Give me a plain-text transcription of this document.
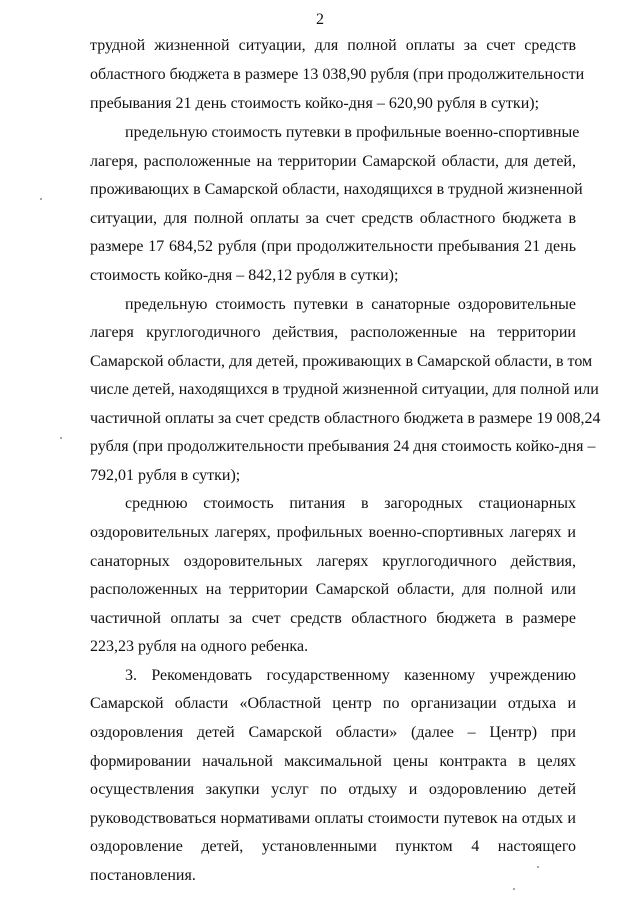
2
трудной жизненной ситуации, для полной оплаты за счет средств
областного бюджета в размере 13 038,90 рубля (при продолжительности
пребывания 21 день стоимость койко-дня – 620,90 рубля в сутки);
предельную стоимость путевки в профильные военно-спортивные
лагеря, расположенные на территории Самарской области, для детей,
проживающих в Самарской области, находящихся в трудной жизненной
ситуации, для полной оплаты за счет средств областного бюджета в
размере 17 684,52 рубля (при продолжительности пребывания 21 день
стоимость койко-дня – 842,12 рубля в сутки);
предельную стоимость путевки в санаторные оздоровительные
лагеря круглогодичного действия, расположенные на территории
Самарской области, для детей, проживающих в Самарской области, в том
числе детей, находящихся в трудной жизненной ситуации, для полной или
частичной оплаты за счет средств областного бюджета в размере 19 008,24
рубля (при продолжительности пребывания 24 дня стоимость койко-дня –
792,01 рубля в сутки);
среднюю стоимость питания в загородных стационарных
оздоровительных лагерях, профильных военно-спортивных лагерях и
санаторных оздоровительных лагерях круглогодичного действия,
расположенных на территории Самарской области, для полной или
частичной оплаты за счет средств областного бюджета в размере
223,23 рубля на одного ребенка.
3. Рекомендовать государственному казенному учреждению
Самарской области «Областной центр по организации отдыха и
оздоровления детей Самарской области» (далее – Центр) при
формировании начальной максимальной цены контракта в целях
осуществления закупки услуг по отдыху и оздоровлению детей
руководствоваться нормативами оплаты стоимости путевок на отдых и
оздоровление детей, установленными пунктом 4 настоящего
постановления.
